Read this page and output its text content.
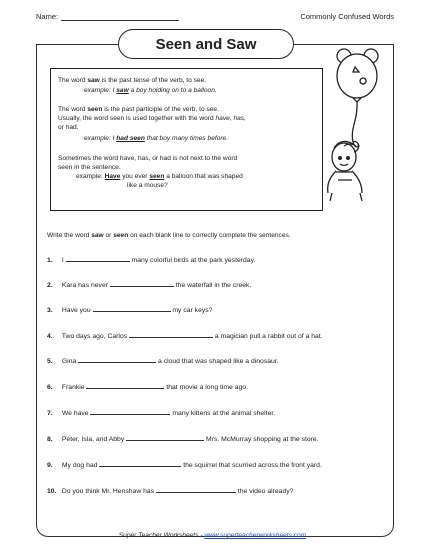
Name:	Commonly Confused Words
Seen and Saw

The word saw is the past tense of the verb, to see.

example: I saw a boy holding on to a balloon.

The word seen is the past participle of the verb, to see.

Usually, the word seen is used together with the word have, has,

or had.

example: I had seen that boy many times before.

Sometimes the word have, has, or had is not next to the word

seen in the sentence.

example: Have you ever seen a balloon that was shaped

like a mouse?

Write the word saw or seen on each blank line to correctly complete the sentences.
1. I	many colorful birds at the park yesterday.
2. Kara has never	the waterfall in the creek.
3. Have you	my car keys?
4. Two days ago, Carlos	a magician pull a rabbit out of a hat.
5. Gina	a cloud that was shaped like a dinosaur.
6. Frankie	that movie a long time ago.
7. We have	many kittens at the animal shelter.
8. Peter, Isla, and Abby	Mrs. McMurray shopping at the store.
9. My dog had	the squirrel that scurried across the front yard.
10. Do you think Mr. Henshaw has	the video already?
Super Teacher Worksheets - www.superteacherworksheets.com
